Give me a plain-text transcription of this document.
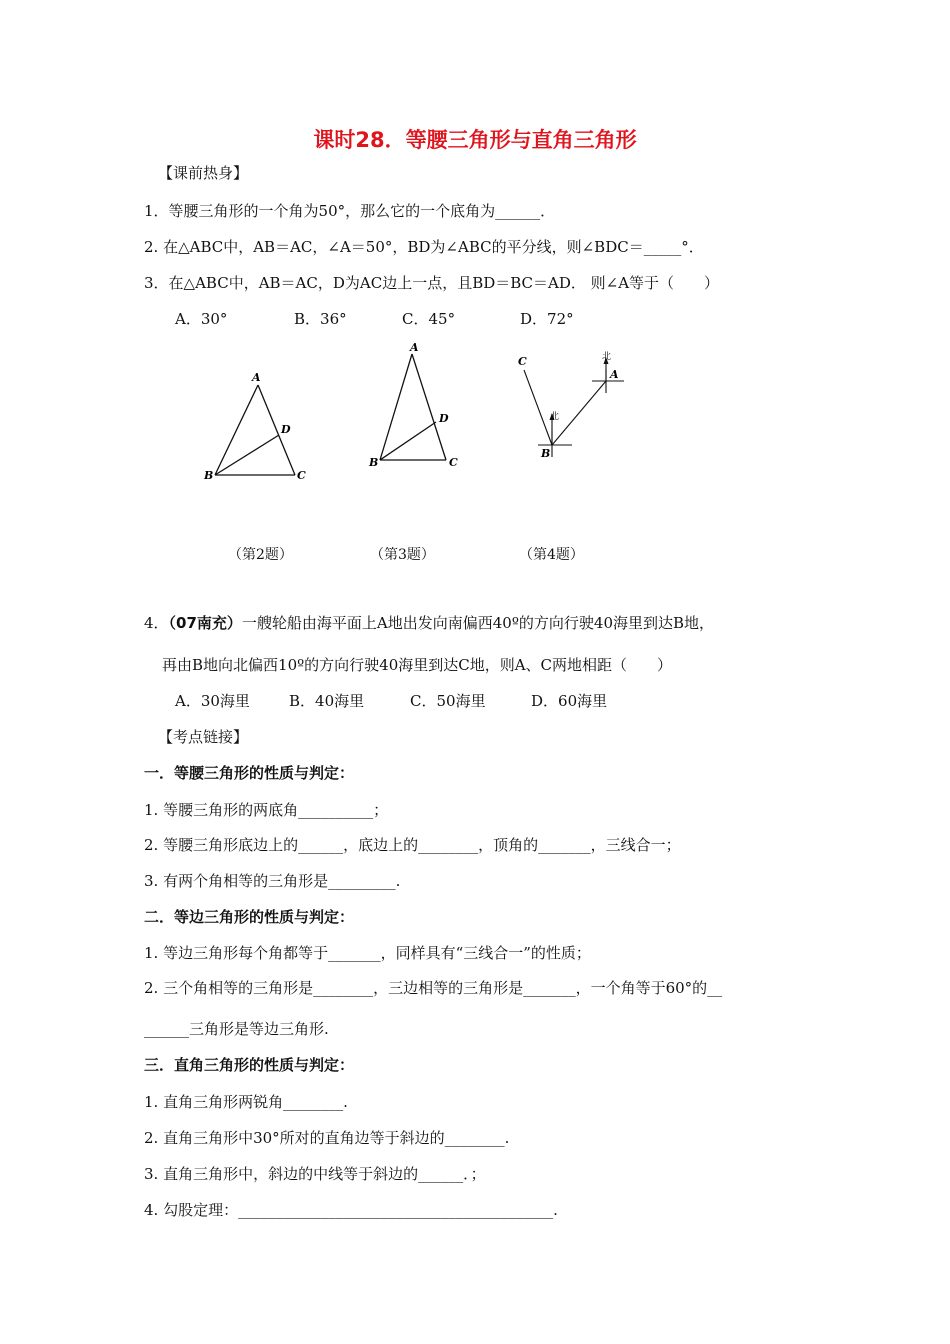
课时28．等腰三角形与直角三角形
【课前热身】
1．等腰三角形的一个角为50°，那么它的一个底角为______．
2. 在△ABC中，AB＝AC，∠A＝50°，BD为∠ABC的平分线，则∠BDC＝_____°．
3．在△ABC中，AB＝AC，D为AC边上一点，且BD＝BC＝AD． 则∠A等于（　　）
A．30°	B．36°	C．45°	D．72°
A
B	C
D
A
B	C
D
C
B
A
北
北
（第2题）	（第3题）	（第4题）
4．（07南充）一艘轮船由海平面上A地出发向南偏西40º的方向行驶40海里到达B地，
再由B地向北偏西10º的方向行驶40海里到达C地，则A、C两地相距（　　）
A．30海里	B．40海里	C．50海里	D．60海里
【考点链接】
一．等腰三角形的性质与判定：
1. 等腰三角形的两底角__________；
2. 等腰三角形底边上的______，底边上的________，顶角的_______，三线合一；
3. 有两个角相等的三角形是_________.
二．等边三角形的性质与判定：
1. 等边三角形每个角都等于_______，同样具有“三线合一”的性质；
2. 三个角相等的三角形是________，三边相等的三角形是_______，一个角等于60°的__
______三角形是等边三角形.
三．直角三角形的性质与判定：
1. 直角三角形两锐角________.
2. 直角三角形中30°所对的直角边等于斜边的________.
3. 直角三角形中，斜边的中线等于斜边的______．；
4. 勾股定理：__________________________________________.
